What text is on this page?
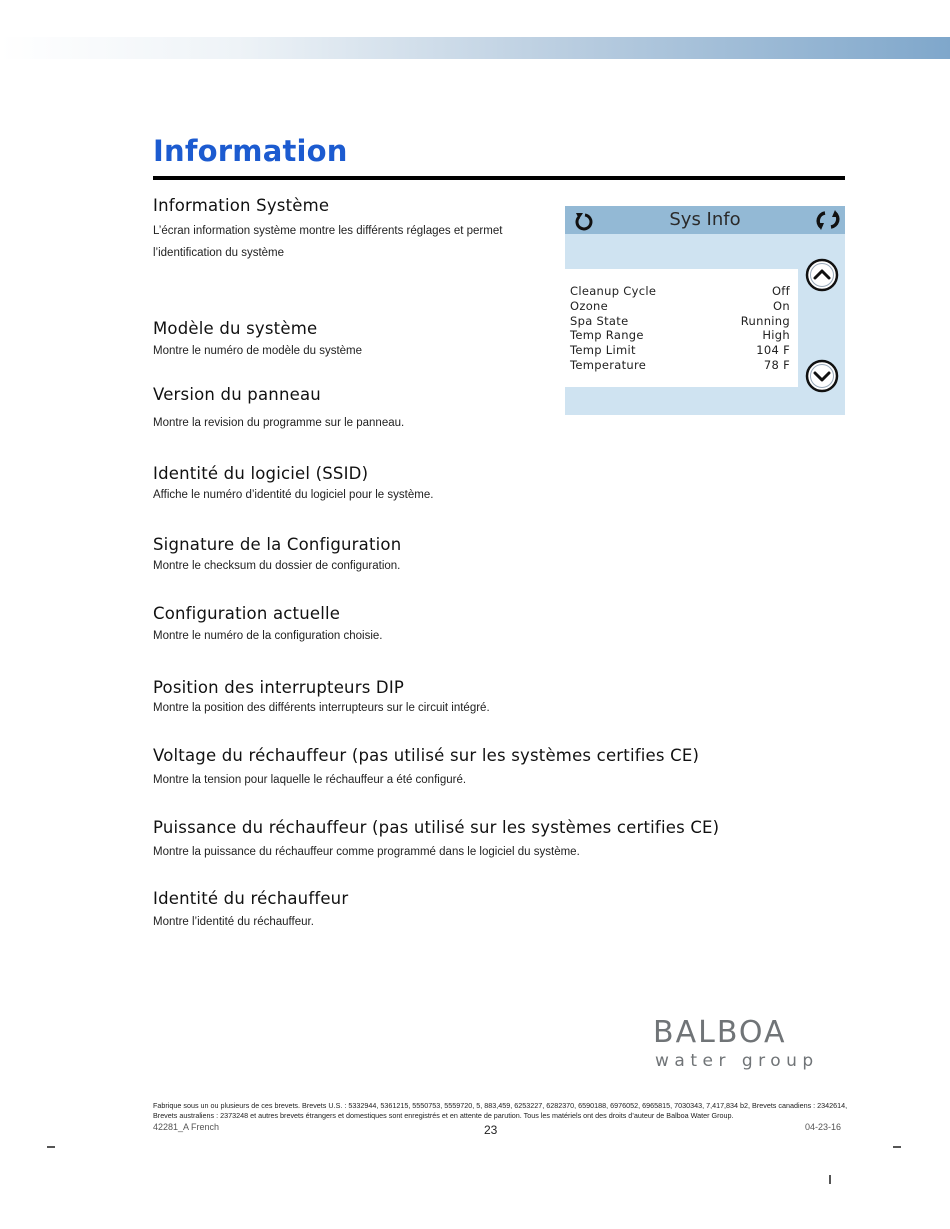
Information
Information Système

L’écran information système montre les différents réglages et permet l’identification du système

Modèle du système

Montre le numéro de modèle du système

Version du panneau

Montre la revision du programme sur le panneau.

Identité du logiciel (SSID)

Affiche le numéro d’identité du logiciel pour le système.

Signature de la Configuration

Montre le checksum du dossier de configuration.

Configuration actuelle

Montre le numéro de la configuration choisie.

Position des interrupteurs DIP

Montre la position des différents interrupteurs sur le circuit intégré.

Voltage du réchauffeur (pas utilisé sur les systèmes certifies CE)

Montre la tension pour laquelle le réchauffeur a été configuré.

Puissance du réchauffeur (pas utilisé sur les systèmes certifies CE)

Montre la puissance du réchauffeur comme programmé dans le logiciel du système.

Identité du réchauffeur

Montre l’identité du réchauffeur.

Sys Info
Cleanup Cycle	Off
Ozone	On
Spa State	Running
Temp Range	High
Temp Limit	104 F
Temperature	78 F
BALBOA
water group
Fabrique sous un ou plusieurs de ces brevets. Brevets U.S. : 5332944, 5361215, 5550753, 5559720, 5, 883,459, 6253227, 6282370, 6590188, 6976052, 6965815, 7030343, 7,417,834 b2, Brevets canadiens : 2342614, Brevets australiens : 2373248 et autres brevets étrangers et domestiques sont enregistrés et en attente de parution. Tous les matériels ont des droits d’auteur de Balboa Water Group.
42281_A French	23	04-23-16
